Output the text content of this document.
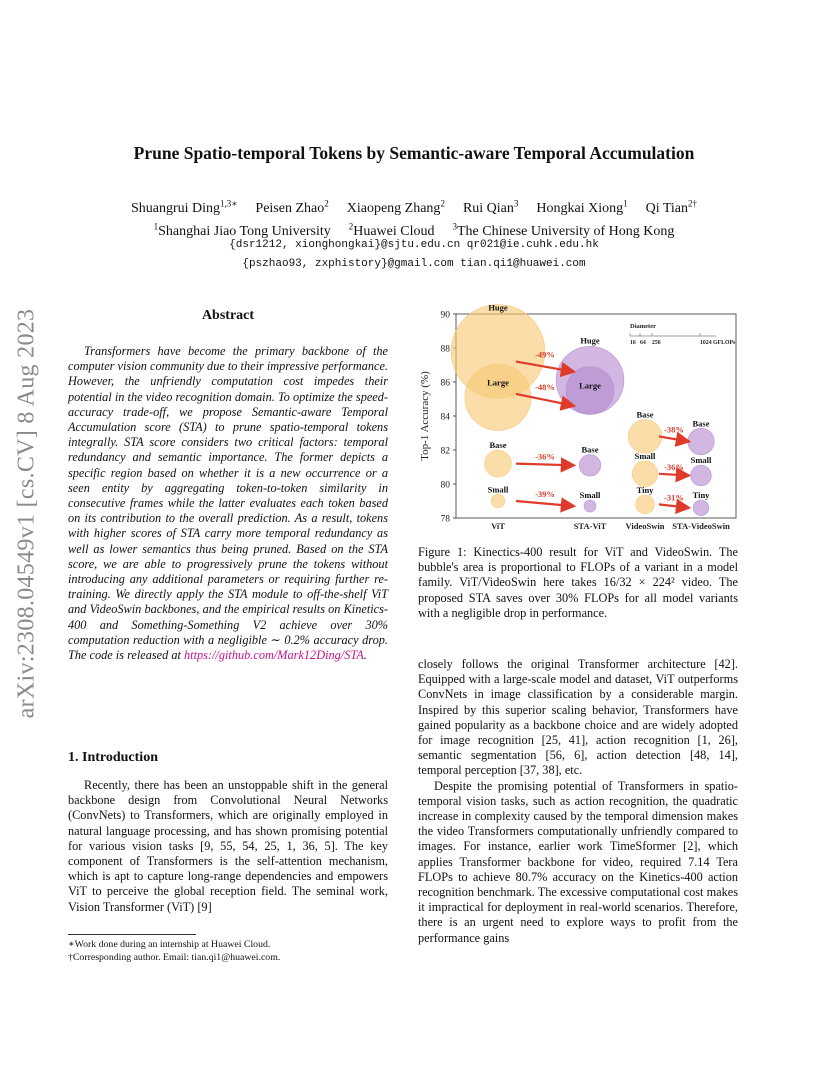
arXiv:2308.04549v1 [cs.CV] 8 Aug 2023
Prune Spatio-temporal Tokens by Semantic-aware Temporal Accumulation
Shuangrui Ding$^{1,3∗}$ Peisen Zhao$^2$ Xiaopeng Zhang$^2$ Rui Qian$^3$ Hongkai Xiong$^1$ Qi Tian$^{2\dagger}$
$^1$Shanghai Jiao Tong University $^2$Huawei Cloud $^3$The Chinese University of Hong Kong
{dsr1212, xionghongkai}@sjtu.edu.cn qr021@ie.cuhk.edu.hk
{pszhao93, zxphistory}@gmail.com tian.qi1@huawei.com
Abstract
Transformers have become the primary backbone of the computer vision community due to their impressive performance. However, the unfriendly computation cost impedes their potential in the video recognition domain. To optimize the speed-accuracy trade-off, we propose Semantic-aware Temporal Accumulation score (STA) to prune spatio-temporal tokens integrally. STA score considers two critical factors: temporal redundancy and semantic importance. The former depicts a specific region based on whether it is a new occurrence or a seen entity by aggregating token-to-token similarity in consecutive frames while the latter evaluates each token based on its contribution to the overall prediction. As a result, tokens with higher scores of STA carry more temporal redundancy as well as lower semantics thus being pruned. Based on the STA score, we are able to progressively prune the tokens without introducing any additional parameters or requiring further re-training. We directly apply the STA module to off-the-shelf ViT and VideoSwin backbones, and the empirical results on Kinetics-400 and Something-Something V2 achieve over 30% computation reduction with a negligible ∼ 0.2% accuracy drop. The code is released at https://github.com/Mark12Ding/STA.
1. Introduction
Recently, there has been an unstoppable shift in the general backbone design from Convolutional Neural Networks (ConvNets) to Transformers, which are originally employed in natural language processing, and has shown promising potential for various vision tasks [9, 55, 54, 25, 1, 36, 5]. The key component of Transformers is the self-attention mechanism, which is apt to capture long-range dependencies and empowers ViT to perceive the global reception field. The seminal work, Vision Transformer (ViT) [9]
∗Work done during an internship at Huawei Cloud.
†Corresponding author. Email: tian.qi1@huawei.com.
78
80
82
84
86
88
90
Top-1 Accuracy (%)
ViT	STA-ViT VideoSwin STA-VideoSwin
Huge
Large
Base
Small
Huge
Large
Base
Small
Base
Small
Tiny
Base
Small
Tiny
-49%
-48%
-36%
-39%
-38%
-36%
-31%
Diameter
16 64 256	1024 GFLOPs
Figure 1: Kinectics-400 result for ViT and VideoSwin. The bubble's area is proportional to FLOPs of a variant in a model family. ViT/VideoSwin here takes 16/32 × 224² video. The proposed STA saves over 30% FLOPs for all model variants with a negligible drop in performance.
closely follows the original Transformer architecture [42]. Equipped with a large-scale model and dataset, ViT outperforms ConvNets in image classification by a considerable margin. Inspired by this superior scaling behavior, Transformers have gained popularity as a backbone choice and are widely adopted for image recognition [25, 41], action recognition [1, 26], semantic segmentation [56, 6], action detection [48, 14], temporal perception [37, 38], etc.
Despite the promising potential of Transformers in spatio-temporal vision tasks, such as action recognition, the quadratic increase in complexity caused by the temporal dimension makes the video Transformers computationally unfriendly compared to images. For instance, earlier work TimeSformer [2], which applies Transformer backbone for video, required 7.14 Tera FLOPs to achieve 80.7% accuracy on the Kinetics-400 action recognition benchmark. The excessive computational cost makes it impractical for deployment in real-world scenarios. Therefore, there is an urgent need to explore ways to profit from the performance gains
